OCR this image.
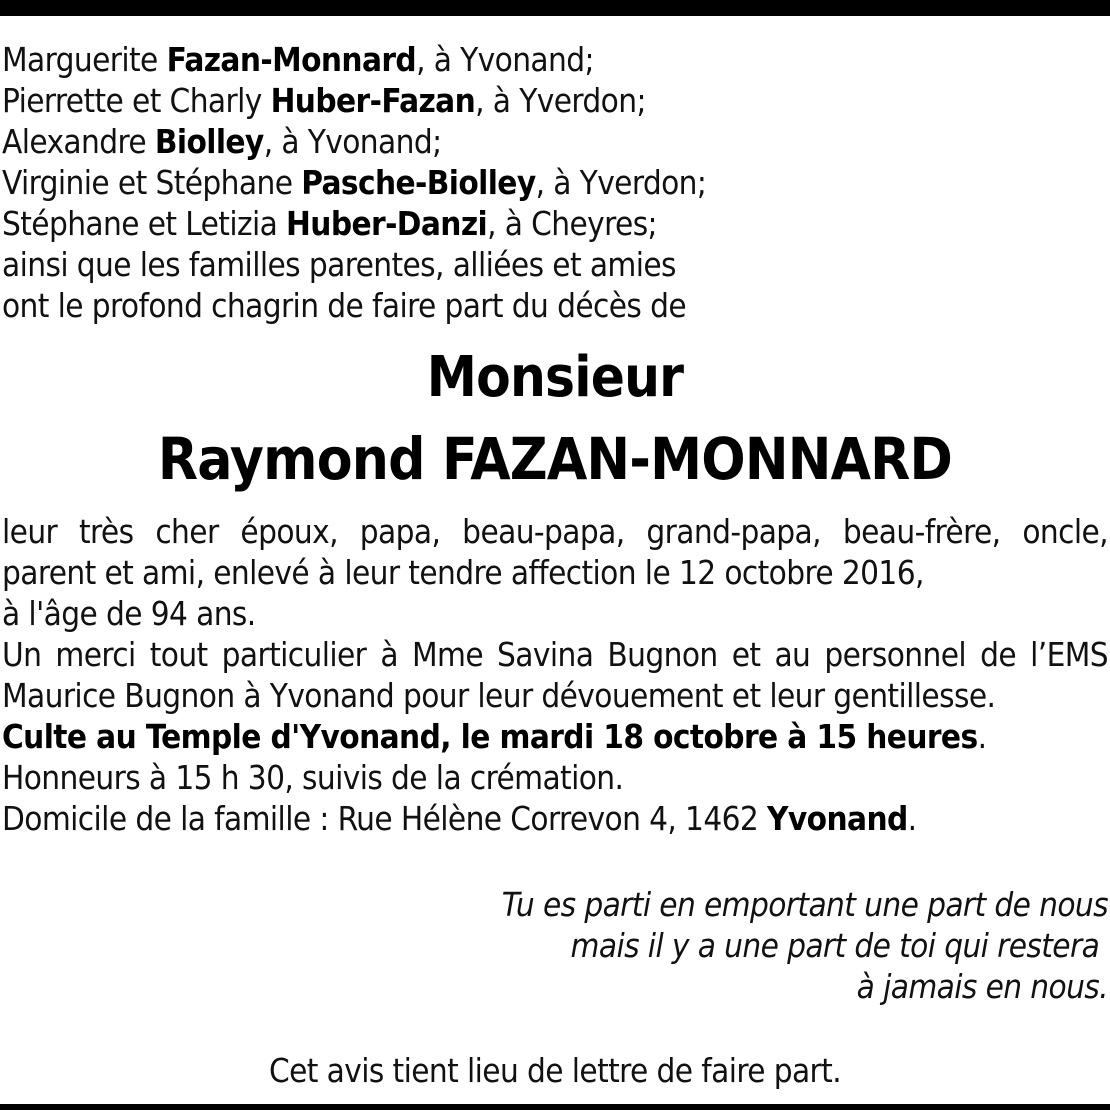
Marguerite Fazan-Monnard, à Yvonand;
Pierrette et Charly Huber-Fazan, à Yverdon;
Alexandre Biolley, à Yvonand;
Virginie et Stéphane Pasche-Biolley, à Yverdon;
Stéphane et Letizia Huber-Danzi, à Cheyres;
ainsi que les familles parentes, alliées et amies
ont le profond chagrin de faire part du décès de
Monsieur
Raymond FAZAN-MONNARD
leur très cher époux, papa, beau-papa, grand-papa, beau-frère, oncle,
parent et ami, enlevé à leur tendre affection le 12 octobre 2016,
à l'âge de 94 ans.
Un merci tout particulier à Mme Savina Bugnon et au personnel de l’EMS
Maurice Bugnon à Yvonand pour leur dévouement et leur gentillesse.
Culte au Temple d'Yvonand, le mardi 18 octobre à 15 heures.
Honneurs à 15 h 30, suivis de la crémation.
Domicile de la famille : Rue Hélène Correvon 4, 1462 Yvonand.
Tu es parti en emportant une part de nous
mais il y a une part de toi qui restera
à jamais en nous.
Cet avis tient lieu de lettre de faire part.
